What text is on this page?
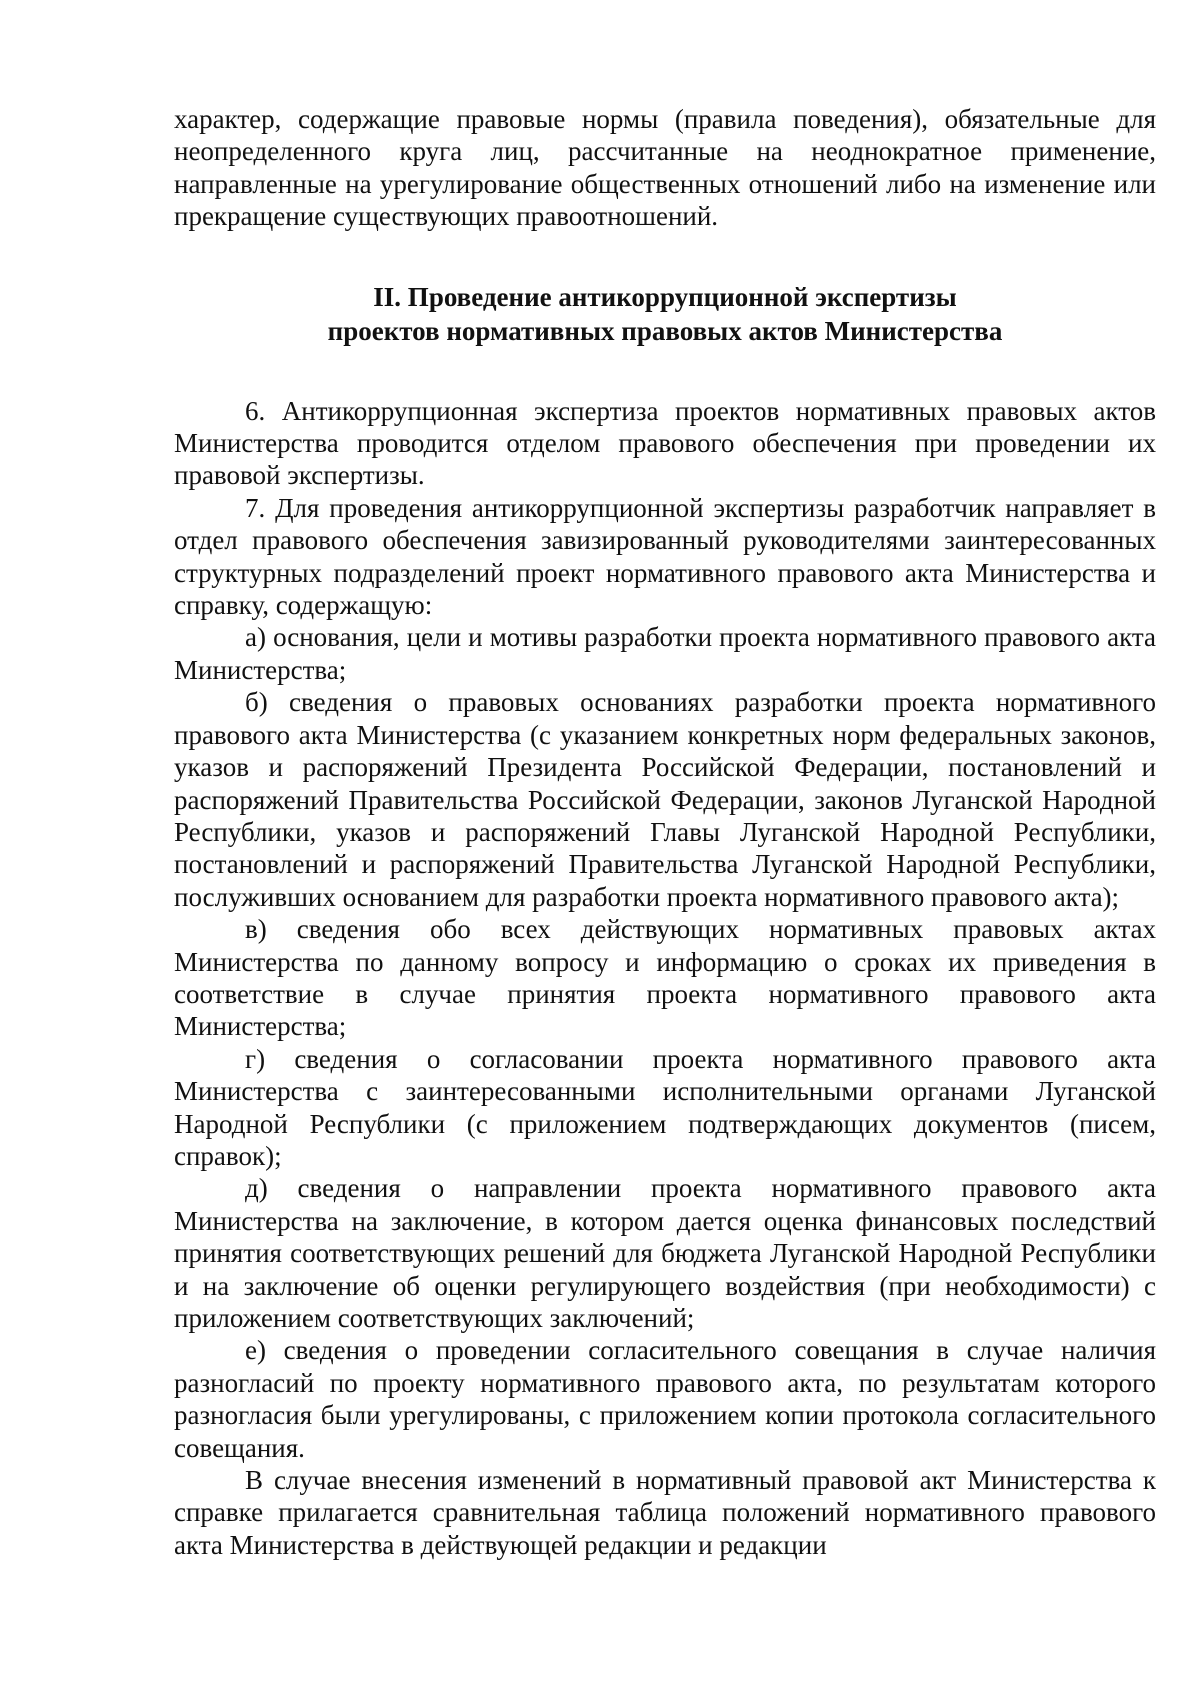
характер, содержащие правовые нормы (правила поведения), обязательные для неопределенного круга лиц, рассчитанные на неоднократное применение, направленные на урегулирование общественных отношений либо на изменение или прекращение существующих правоотношений.

II. Проведение антикоррупционной экспертизы
проектов нормативных правовых актов Министерства

6. Антикоррупционная экспертиза проектов нормативных правовых актов Министерства проводится отделом правового обеспечения при проведении их правовой экспертизы.

7. Для проведения антикоррупционной экспертизы разработчик направляет в отдел правового обеспечения завизированный руководителями заинтересованных структурных подразделений проект нормативного правового акта Министерства и справку, содержащую:

а) основания, цели и мотивы разработки проекта нормативного правового акта Министерства;

б) сведения о правовых основаниях разработки проекта нормативного правового акта Министерства (с указанием конкретных норм федеральных законов, указов и распоряжений Президента Российской Федерации, постановлений и распоряжений Правительства Российской Федерации, законов Луганской Народной Республики, указов и распоряжений Главы Луганской Народной Республики, постановлений и распоряжений Правительства Луганской Народной Республики, послуживших основанием для разработки проекта нормативного правового акта);

в) сведения обо всех действующих нормативных правовых актах Министерства по данному вопросу и информацию о сроках их приведения в соответствие в случае принятия проекта нормативного правового акта Министерства;

г) сведения о согласовании проекта нормативного правового акта Министерства с заинтересованными исполнительными органами Луганской Народной Республики (с приложением подтверждающих документов (писем, справок);

д) сведения о направлении проекта нормативного правового акта Министерства на заключение, в котором дается оценка финансовых последствий принятия соответствующих решений для бюджета Луганской Народной Республики и на заключение об оценки регулирующего воздействия (при необходимости) с приложением соответствующих заключений;

е) сведения о проведении согласительного совещания в случае наличия разногласий по проекту нормативного правового акта, по результатам которого разногласия были урегулированы, с приложением копии протокола согласительного совещания.

В случае внесения изменений в нормативный правовой акт Министерства к справке прилагается сравнительная таблица положений нормативного правового акта Министерства в действующей редакции и редакции
